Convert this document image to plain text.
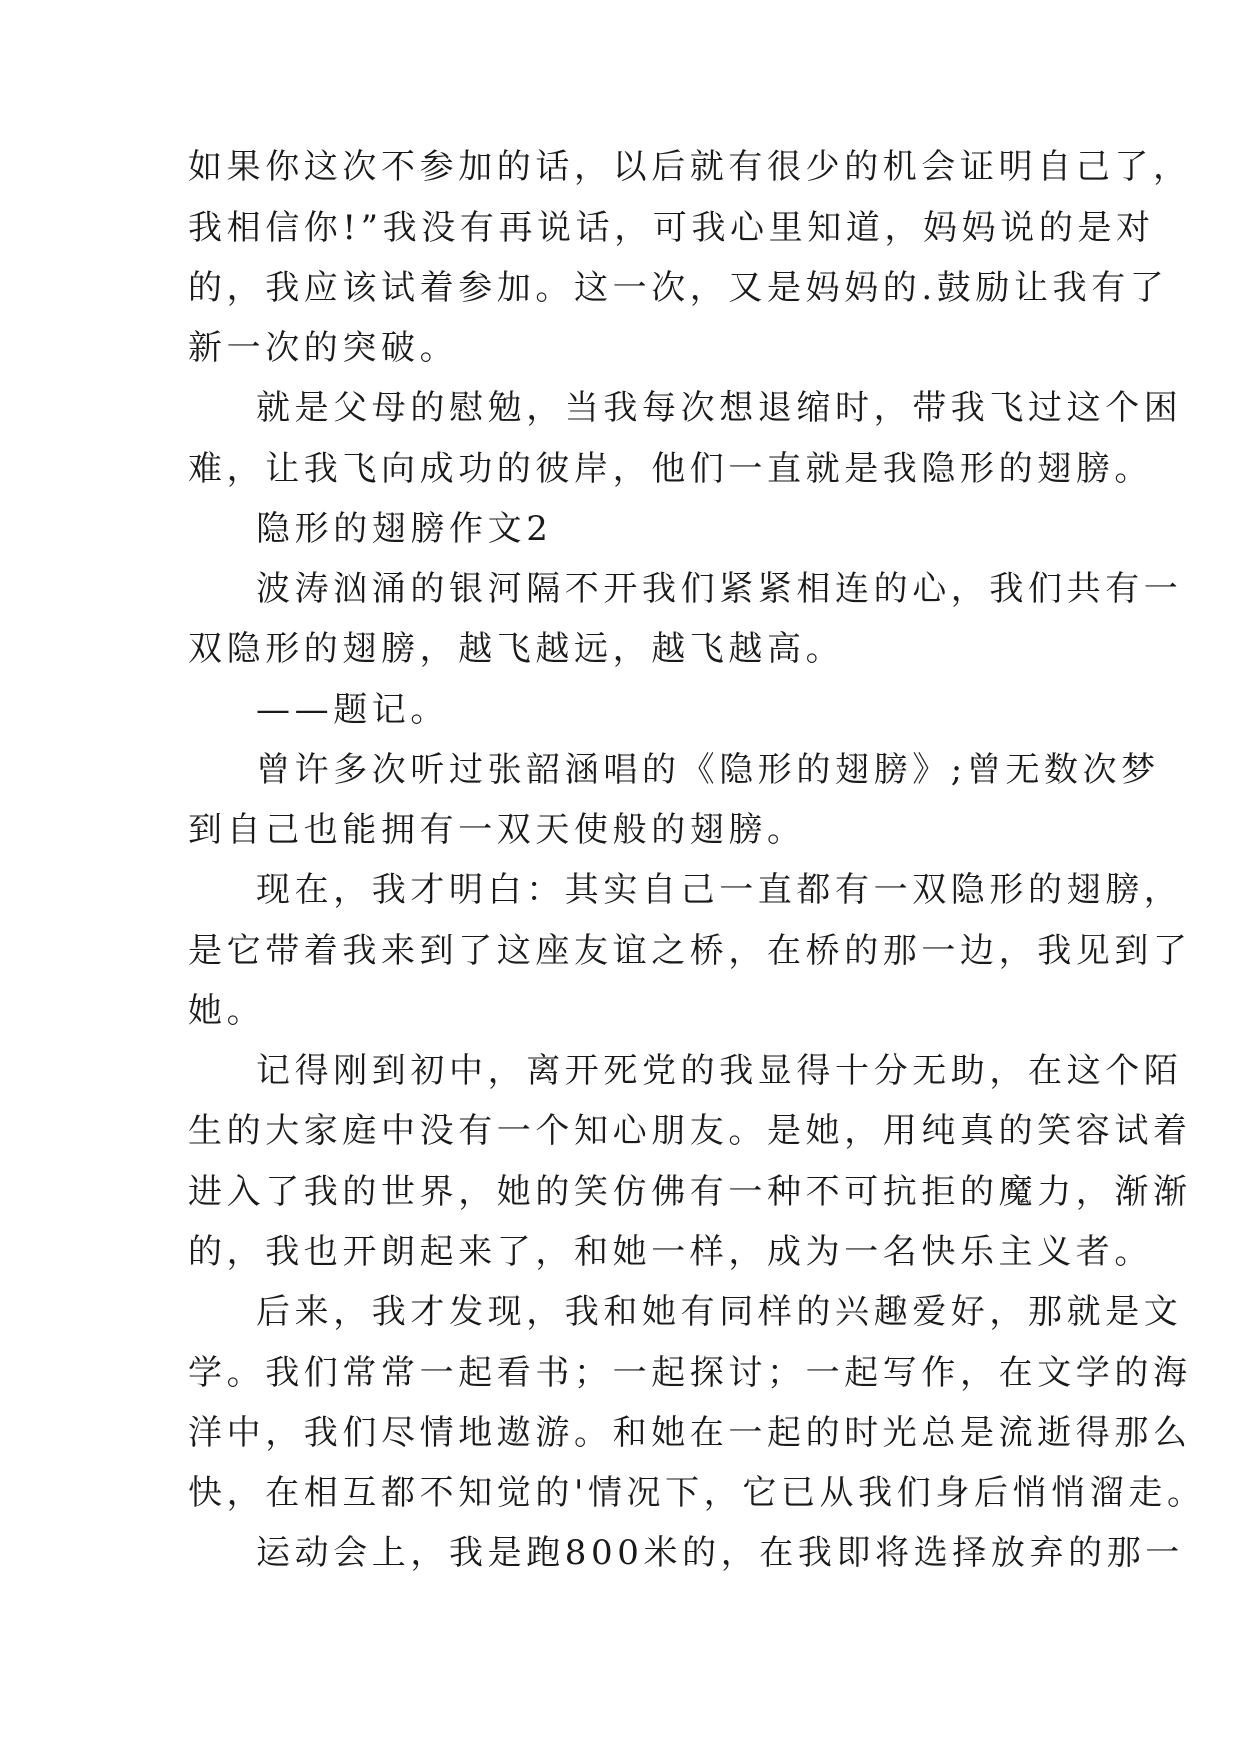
如果你这次不参加的话，以后就有很少的机会证明自己了，
我相信你!”我没有再说话，可我心里知道，妈妈说的是对
的，我应该试着参加。这一次，又是妈妈的.鼓励让我有了
新一次的突破。
就是父母的慰勉，当我每次想退缩时，带我飞过这个困
难，让我飞向成功的彼岸，他们一直就是我隐形的翅膀。
隐形的翅膀作文2
波涛汹涌的银河隔不开我们紧紧相连的心，我们共有一
双隐形的翅膀，越飞越远，越飞越高。
——题记。
曾许多次听过张韶涵唱的《隐形的翅膀》;曾无数次梦
到自己也能拥有一双天使般的翅膀。
现在，我才明白：其实自己一直都有一双隐形的翅膀，
是它带着我来到了这座友谊之桥，在桥的那一边，我见到了
她。
记得刚到初中，离开死党的我显得十分无助，在这个陌
生的大家庭中没有一个知心朋友。是她，用纯真的笑容试着
进入了我的世界，她的笑仿佛有一种不可抗拒的魔力，渐渐
的，我也开朗起来了，和她一样，成为一名快乐主义者。
后来，我才发现，我和她有同样的兴趣爱好，那就是文
学。我们常常一起看书；一起探讨；一起写作，在文学的海
洋中，我们尽情地遨游。和她在一起的时光总是流逝得那么
快，在相互都不知觉的'情况下，它已从我们身后悄悄溜走。
运动会上，我是跑800米的，在我即将选择放弃的那一
